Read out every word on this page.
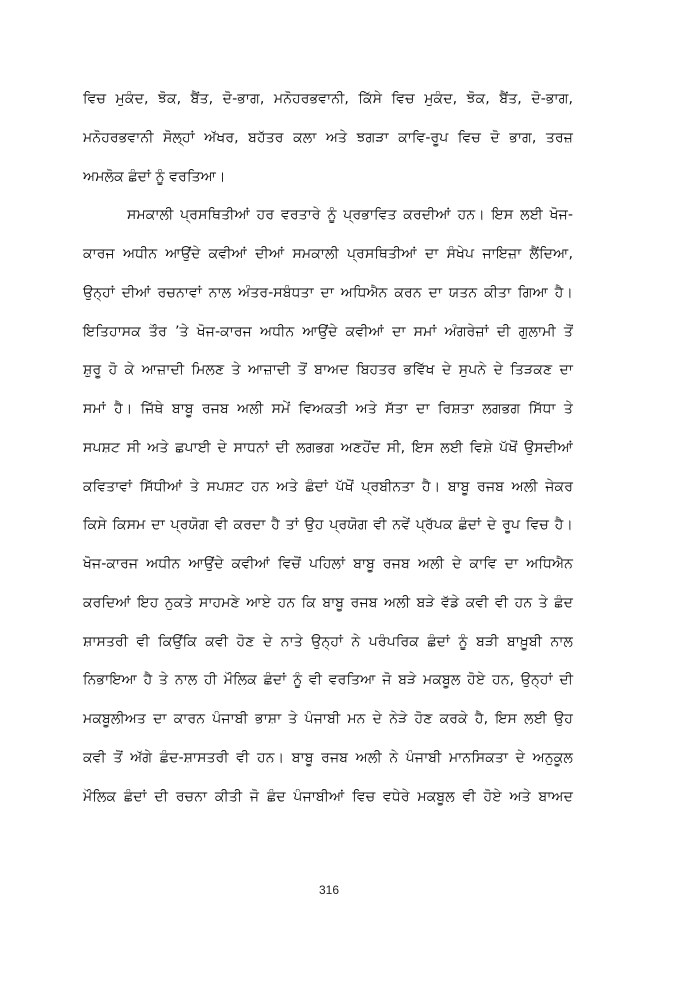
ਵਿਚ ਮੁਕੰਦ, ਝੋਕ, ਬੈਂਤ, ਦੋ-ਭਾਗ, ਮਨੋਹਰਭਵਾਨੀ, ਕਿੱਸੇ ਵਿਚ ਮੁਕੰਦ, ਝੋਕ, ਬੈਂਤ, ਦੋ-ਭਾਗ,
ਮਨੋਹਰਭਵਾਨੀ ਸੋਲ੍ਹਾਂ ਅੱਖਰ, ਬਹੱਤਰ ਕਲਾ ਅਤੇ ਝਗੜਾ ਕਾਵਿ-ਰੂਪ ਵਿਚ ਦੋ ਭਾਗ, ਤਰਜ਼
ਅਮਲੋਕ ਛੰਦਾਂ ਨੂੰ ਵਰਤਿਆ।
ਸਮਕਾਲੀ ਪ੍ਰਸਥਿਤੀਆਂ ਹਰ ਵਰਤਾਰੇ ਨੂੰ ਪ੍ਰਭਾਵਿਤ ਕਰਦੀਆਂ ਹਨ। ਇਸ ਲਈ ਖੋਜ-
ਕਾਰਜ ਅਧੀਨ ਆਉਂਦੇ ਕਵੀਆਂ ਦੀਆਂ ਸਮਕਾਲੀ ਪ੍ਰਸਥਿਤੀਆਂ ਦਾ ਸੰਖੇਪ ਜਾਇਜ਼ਾ ਲੈਂਦਿਆ,
ਉਨ੍ਹਾਂ ਦੀਆਂ ਰਚਨਾਵਾਂ ਨਾਲ ਅੰਤਰ-ਸਬੰਧਤਾ ਦਾ ਅਧਿਐਨ ਕਰਨ ਦਾ ਯਤਨ ਕੀਤਾ ਗਿਆ ਹੈ।
ਇਤਿਹਾਸਕ ਤੌਰ ’ਤੇ ਖੋਜ-ਕਾਰਜ ਅਧੀਨ ਆਉਂਦੇ ਕਵੀਆਂ ਦਾ ਸਮਾਂ ਅੰਗਰੇਜ਼ਾਂ ਦੀ ਗੁਲਾਮੀ ਤੋਂ
ਸ਼ੁਰੂ ਹੋ ਕੇ ਆਜ਼ਾਦੀ ਮਿਲਣ ਤੇ ਆਜ਼ਾਦੀ ਤੋਂ ਬਾਅਦ ਬਿਹਤਰ ਭਵਿੱਖ ਦੇ ਸੁਪਨੇ ਦੇ ਤਿੜਕਣ ਦਾ
ਸਮਾਂ ਹੈ। ਜਿੱਥੇ ਬਾਬੂ ਰਜਬ ਅਲੀ ਸਮੇਂ ਵਿਅਕਤੀ ਅਤੇ ਸੱਤਾ ਦਾ ਰਿਸ਼ਤਾ ਲਗਭਗ ਸਿੱਧਾ ਤੇ
ਸਪਸ਼ਟ ਸੀ ਅਤੇ ਛਪਾਈ ਦੇ ਸਾਧਨਾਂ ਦੀ ਲਗਭਗ ਅਣਹੋਂਦ ਸੀ, ਇਸ ਲਈ ਵਿਸ਼ੇ ਪੱਖੋਂ ਉਸਦੀਆਂ
ਕਵਿਤਾਵਾਂ ਸਿੱਧੀਆਂ ਤੇ ਸਪਸ਼ਟ ਹਨ ਅਤੇ ਛੰਦਾਂ ਪੱਖੋਂ ਪ੍ਰਬੀਨਤਾ ਹੈ। ਬਾਬੂ ਰਜਬ ਅਲੀ ਜੇਕਰ
ਕਿਸੇ ਕਿਸਮ ਦਾ ਪ੍ਰਯੋਗ ਵੀ ਕਰਦਾ ਹੈ ਤਾਂ ਉਹ ਪ੍ਰਯੋਗ ਵੀ ਨਵੇਂ ਪ੍ਰੱਪਕ ਛੰਦਾਂ ਦੇ ਰੂਪ ਵਿਚ ਹੈ।
ਖੋਜ-ਕਾਰਜ ਅਧੀਨ ਆਉਂਦੇ ਕਵੀਆਂ ਵਿਚੋਂ ਪਹਿਲਾਂ ਬਾਬੂ ਰਜਬ ਅਲੀ ਦੇ ਕਾਵਿ ਦਾ ਅਧਿਐਨ
ਕਰਦਿਆਂ ਇਹ ਨੁਕਤੇ ਸਾਹਮਣੇ ਆਏ ਹਨ ਕਿ ਬਾਬੂ ਰਜਬ ਅਲੀ ਬੜੇ ਵੱਡੇ ਕਵੀ ਵੀ ਹਨ ਤੇ ਛੰਦ
ਸ਼ਾਸਤਰੀ ਵੀ ਕਿਉਂਕਿ ਕਵੀ ਹੋਣ ਦੇ ਨਾਤੇ ਉਨ੍ਹਾਂ ਨੇ ਪਰੰਪਰਿਕ ਛੰਦਾਂ ਨੂੰ ਬੜੀ ਬਾਖ਼ੂਬੀ ਨਾਲ
ਨਿਭਾਇਆ ਹੈ ਤੇ ਨਾਲ ਹੀ ਮੌਲਿਕ ਛੰਦਾਂ ਨੂੰ ਵੀ ਵਰਤਿਆ ਜੋ ਬੜੇ ਮਕਬੂਲ ਹੋਏ ਹਨ, ਉਨ੍ਹਾਂ ਦੀ
ਮਕਬੂਲੀਅਤ ਦਾ ਕਾਰਨ ਪੰਜਾਬੀ ਭਾਸ਼ਾ ਤੇ ਪੰਜਾਬੀ ਮਨ ਦੇ ਨੇੜੇ ਹੋਣ ਕਰਕੇ ਹੈ, ਇਸ ਲਈ ਉਹ
ਕਵੀ ਤੋਂ ਅੱਗੇ ਛੰਦ-ਸ਼ਾਸਤਰੀ ਵੀ ਹਨ। ਬਾਬੂ ਰਜਬ ਅਲੀ ਨੇ ਪੰਜਾਬੀ ਮਾਨਸਿਕਤਾ ਦੇ ਅਨੁਕੂਲ
ਮੌਲਿਕ ਛੰਦਾਂ ਦੀ ਰਚਨਾ ਕੀਤੀ ਜੋ ਛੰਦ ਪੰਜਾਬੀਆਂ ਵਿਚ ਵਧੇਰੇ ਮਕਬੂਲ ਵੀ ਹੋਏ ਅਤੇ ਬਾਅਦ
316
